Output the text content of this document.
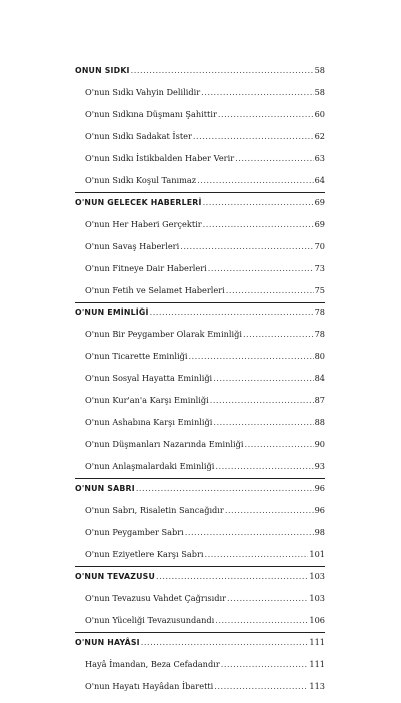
ONUN SIDKI .....	58
O'nun Sıdkı Vahyin Delilidir .....	58
O'nun Sıdkına Düşmanı Şahittir .....	60
O'nun Sıdkı Sadakat İster .....	62
O'nun Sıdkı İstikbalden Haber Verir .....	63
O'nun Sıdkı Koşul Tanımaz .....	64
O'NUN GELECEK HABERLERİ .....	69
O'nun Her Haberi Gerçektir .....	69
O'nun Savaş Haberleri .....	70
O'nun Fitneye Dair Haberleri .....	73
O'nun Fetih ve Selamet Haberleri .....	75
O'NUN EMİNLİĞİ .....	78
O'nun Bir Peygamber Olarak Eminliği .....	78
O'nun Ticarette Eminliği .....	80
O'nun Sosyal Hayatta Eminliği .....	84
O'nun Kur'an'a Karşı Eminliği .....	87
O'nun Ashabına Karşı Eminliği .....	88
O'nun Düşmanları Nazarında Eminliği .....	90
O'nun Anlaşmalardaki Eminliği .....	93
O'NUN SABRI .....	96
O'nun Sabrı, Risaletin Sancağıdır .....	96
O'nun Peygamber Sabrı .....	98
O'nun Eziyetlere Karşı Sabrı .....	101
O'NUN TEVAZUSU .....	103
O'nun Tevazusu Vahdet Çağrısıdır .....	103
O'nun Yüceliği Tevazusundandı .....	106
O'NUN HAYÂSI .....	111
Hayâ İmandan, Beza Cefadandır .....	111
O'nun Hayatı Hayâdan İbaretti .....	113
